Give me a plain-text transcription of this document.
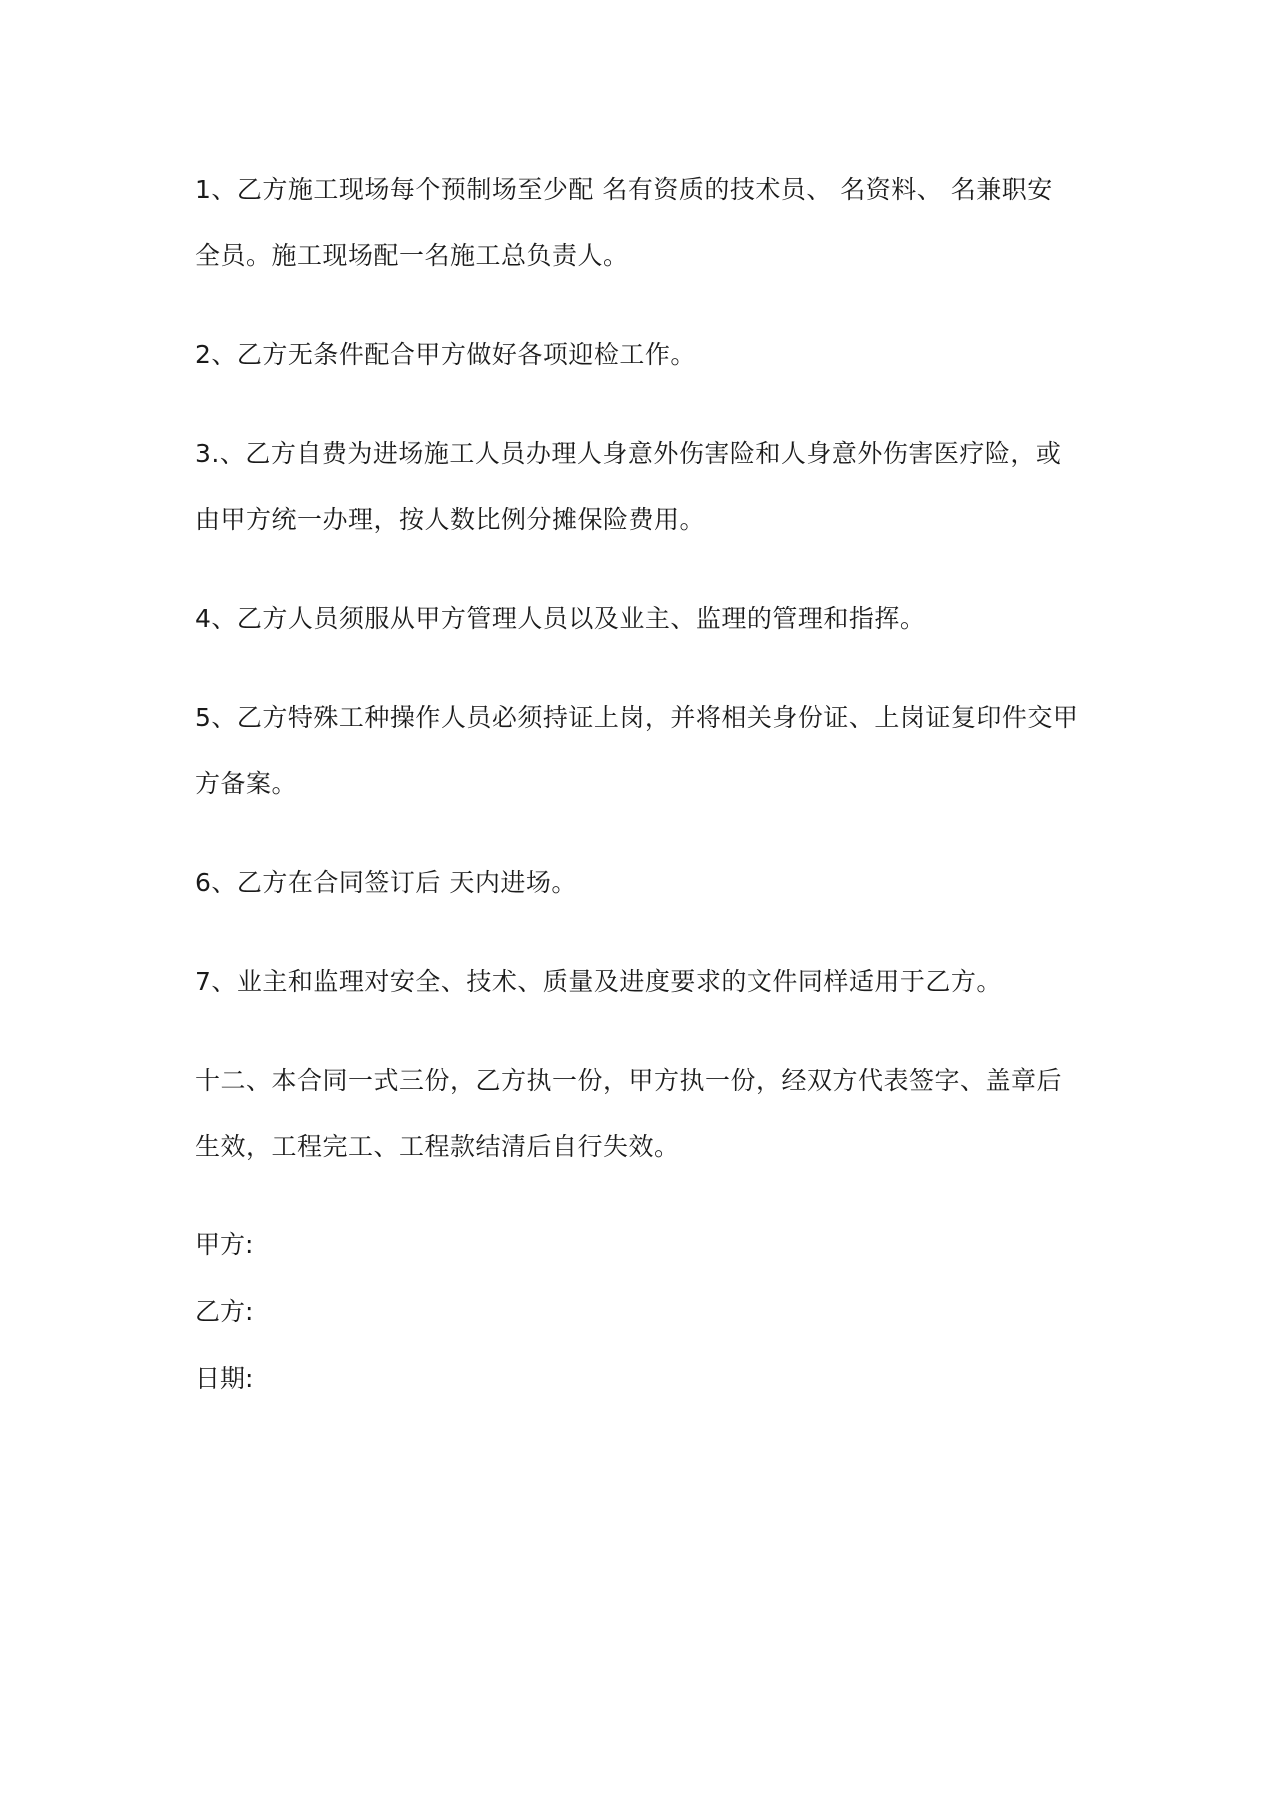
1、乙方施工现场每个预制场至少配 名有资质的技术员、 名资料、 名兼职安
全员。施工现场配一名施工总负责人。
2、乙方无条件配合甲方做好各项迎检工作。
3.、乙方自费为进场施工人员办理人身意外伤害险和人身意外伤害医疗险，或
由甲方统一办理，按人数比例分摊保险费用。
4、乙方人员须服从甲方管理人员以及业主、监理的管理和指挥。
5、乙方特殊工种操作人员必须持证上岗，并将相关身份证、上岗证复印件交甲
方备案。
6、乙方在合同签订后 天内进场。
7、业主和监理对安全、技术、质量及进度要求的文件同样适用于乙方。
十二、本合同一式三份，乙方执一份，甲方执一份，经双方代表签字、盖章后
生效，工程完工、工程款结清后自行失效。
甲方:
乙方:
日期:
